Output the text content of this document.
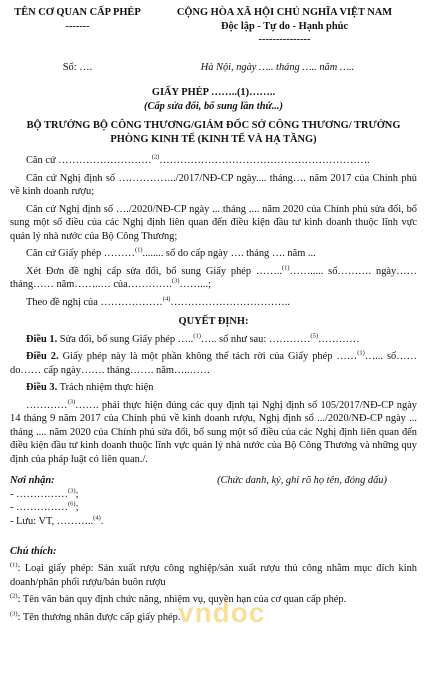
TÊN CƠ QUAN CẤP PHÉP
-------
CỘNG HÒA XÃ HỘI CHỦ NGHĨA VIỆT NAM
Độc lập - Tự do - Hạnh phúc
---------------
Số: ….	Hà Nội, ngày ….. tháng ….. năm …..

GIẤY PHÉP ……..(1)……..

(Cấp sửa đổi, bổ sung lần thứ...)

BỘ TRƯỞNG BỘ CÔNG THƯƠNG/GIÁM ĐỐC SỞ CÔNG THƯƠNG/ TRƯỞNG PHÒNG KINH TẾ (KINH TẾ VÀ HẠ TẦNG)

Căn cứ ………………………$^{(2)}$…………………………………………………….

Căn cứ Nghị định số ……………../2017/NĐ-CP ngày.... tháng…. năm 2017 của Chính phủ về kinh doanh rượu;

Căn cứ Nghị định số …./2020/NĐ-CP ngày ... tháng .... năm 2020 của Chính phủ sửa đổi, bổ sung một số điều của các Nghị định liên quan đến điều kiện đầu tư kinh doanh thuộc lĩnh vực quản lý nhà nước của Bộ Công Thương;

Căn cứ Giấy phép ………$^{(1)}$........ số do cấp ngày …. tháng …. năm ...

Xét Đơn đề nghị cấp sửa đổi, bổ sung Giấy phép ……..$^{(1)}$……..... số………. ngày…… tháng…… năm……..… của………….$^{(3)}$……...;

Theo đề nghị của ………………$^{(4)}$……………………………..

QUYẾT ĐỊNH:

Điều 1. Sửa đổi, bổ sung Giấy phép …..$^{(1)}$….. số như sau: …………$^{(5)}$…………

Điều 2. Giấy phép này là một phần không thể tách rời của Giấy phép ……$^{(1)}$…... số…… do…… cấp ngày……. tháng……. năm…..……

Điều 3. Trách nhiệm thực hiện

…………$^{(3)}$……. phải thực hiện đúng các quy định tại Nghị định số 105/2017/NĐ-CP ngày 14 tháng 9 năm 2017 của Chính phủ về kinh doanh rượu, Nghị định số .../2020/NĐ-CP ngày ... tháng .... năm 2020 của Chính phủ sửa đổi, bổ sung một số điều của các Nghị định liên quan đến điều kiện đầu tư kinh doanh thuộc lĩnh vực quản lý nhà nước của Bộ Công Thương và những quy định của pháp luật có liên quan./.

Nơi nhận:	(Chức danh, ký, ghi rõ họ tên, đóng dấu)

- ……………$^{(3)}$;

- ……………$^{(6)}$;

- Lưu: VT, ………..$^{(4)}$.

Chú thích:

$^{(1)}$: Loại giấy phép: Sản xuất rượu công nghiệp/sản xuất rượu thủ công nhằm mục đích kinh doanh/phân phối rượu/bán buôn rượu

$^{(2)}$: Tên văn bản quy định chức năng, nhiệm vụ, quyền hạn của cơ quan cấp phép.

$^{(3)}$: Tên thương nhân được cấp giấy phép.

vndoc
